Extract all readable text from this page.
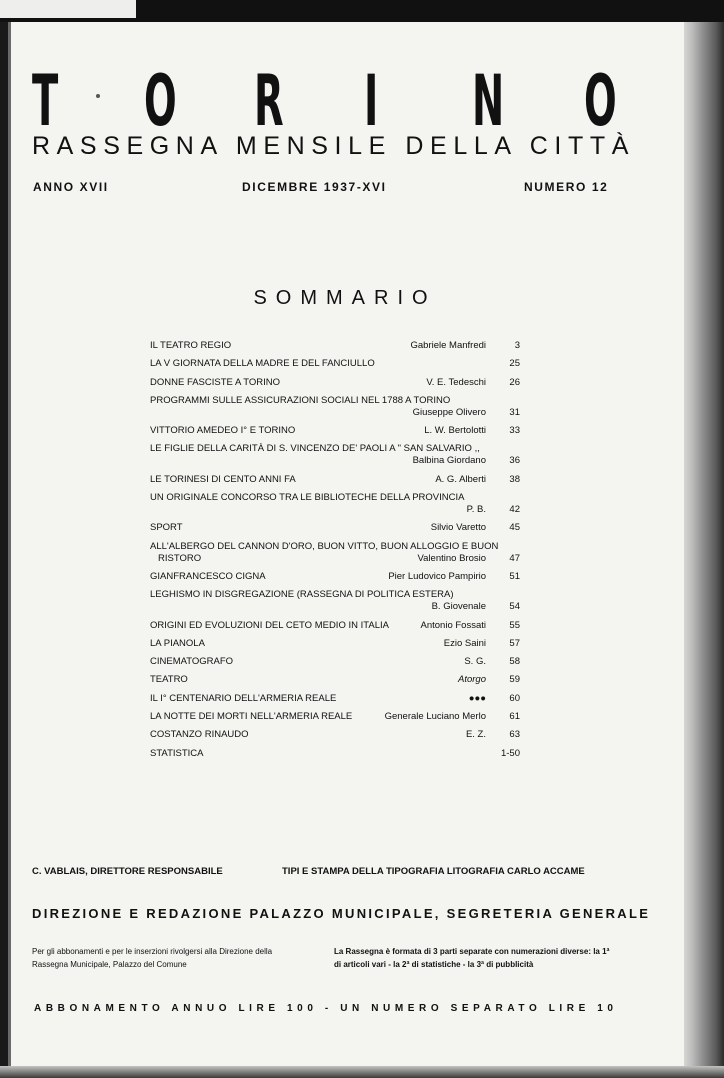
T O R I N O
RASSEGNA MENSILE DELLA CITTÀ
ANNO XVII	DICEMBRE 1937-XVI	NUMERO 12
SOMMARIO
IL TEATRO REGIO	Gabriele Manfredi	3
LA V GIORNATA DELLA MADRE E DEL FANCIULLO	25
DONNE FASCISTE A TORINO	V. E. Tedeschi	26
PROGRAMMI SULLE ASSICURAZIONI SOCIALI NEL 1788 A TORINO
Giuseppe Olivero	31
VITTORIO AMEDEO I° E TORINO	L. W. Bertolotti	33
LE FIGLIE DELLA CARITÀ DI S. VINCENZO DE' PAOLI A " SAN SALVARIO ,,
Balbina Giordano	36
LE TORINESI DI CENTO ANNI FA	A. G. Alberti	38
UN ORIGINALE CONCORSO TRA LE BIBLIOTECHE DELLA PROVINCIA
P. B.	42
SPORT	Silvio Varetto	45
ALL'ALBERGO DEL CANNON D'ORO, BUON VITTO, BUON ALLOGGIO E BUON
RISTORO	Valentino Brosio	47
GIANFRANCESCO CIGNA	Pier Ludovico Pampirio	51
LEGHISMO IN DISGREGAZIONE (RASSEGNA DI POLITICA ESTERA)
B. Giovenale	54
ORIGINI ED EVOLUZIONI DEL CETO MEDIO IN ITALIA	Antonio Fossati	55
LA PIANOLA	Ezio Saini	57
CINEMATOGRAFO	S. G.	58
TEATRO	Atorgo	59
IL I° CENTENARIO DELL'ARMERIA REALE	●●●	60
LA NOTTE DEI MORTI NELL'ARMERIA REALE	Generale Luciano Merlo	61
COSTANZO RINAUDO	E. Z.	63
STATISTICA	1-50
C. VABLAIS, DIRETTORE RESPONSABILE	TIPI E STAMPA DELLA TIPOGRAFIA LITOGRAFIA CARLO ACCAME
DIREZIONE E REDAZIONE PALAZZO MUNICIPALE, SEGRETERIA GENERALE
Per gli abbonamenti e per le inserzioni rivolgersi alla Direzione della Rassegna Municipale, Palazzo del Comune
La Rassegna è formata di 3 parti separate con numerazioni diverse: la 1ª di articoli vari - la 2ª di statistiche - la 3ª di pubblicità
ABBONAMENTO ANNUO LIRE 100 - UN NUMERO SEPARATO LIRE 10
